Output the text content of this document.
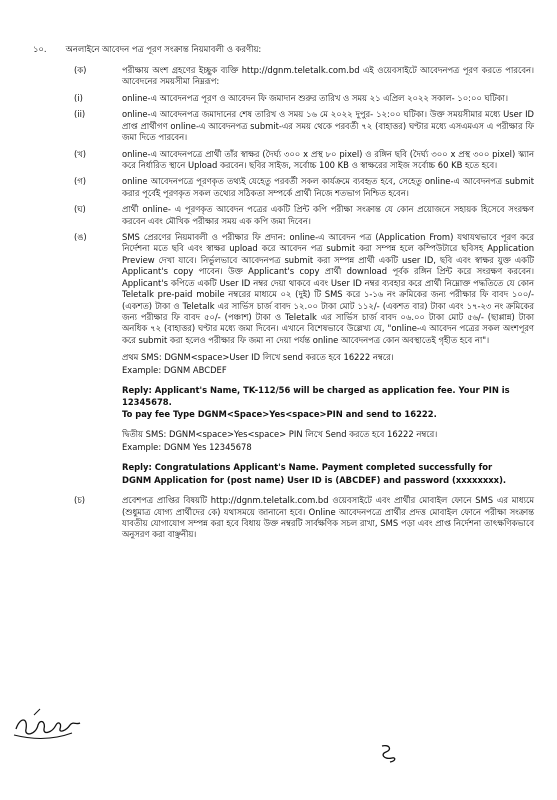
১০. অনলাইনে আবেদন পত্র পূরণ সংক্রান্ত নিয়মাবলী ও করণীয়:
(ক)	পরীক্ষায় অংশ গ্রহণের ইচ্ছুক ব্যক্তি http://dgnm.teletalk.com.bd এই ওয়েবসাইটে আবেদনপত্র পূরণ করতে পারবেন। আবেদনের সময়সীমা নিম্নরূপ:
(i)	online-এ আবেদনপত্র পূরণ ও আবেদন ফি জমাদান শুরুর তারিখ ও সময় ২১ এপ্রিল ২০২২ সকাল- ১০:০০ ঘটিকা।
(ii)	online-এ আবেদনপত্র জমাদানের শেষ তারিখ ও সময় ১৬ মে ২০২২ দুপুর- ১২:০০ ঘটিকা। উক্ত সময়সীমার মধ্যে User ID প্রাপ্ত প্রার্থীগণ online-এ আবেদনপত্র submit-এর সময় থেকে পরবর্তী ৭২ (বাহাত্তর) ঘণ্টার মধ্যে এসএমএস এ পরীক্ষার ফি জমা দিতে পারবেন।
(খ)	online-এ আবেদনপত্রে প্রার্থী তাঁর স্বাক্ষর (দৈর্ঘ্য ৩০০ x প্রস্থ ৮০ pixel) ও রঙ্গিন ছবি (দৈর্ঘ্য ৩০০ x প্রস্থ ৩০০ pixel) স্ক্যান করে নির্ধারিত স্থানে Upload করবেন। ছবির সাইজ, সর্বোচ্চ 100 KB ও স্বাক্ষরের সাইজ সর্বোচ্চ 60 KB হতে হবে।
(গ)	online আবেদনপত্রে পূরণকৃত তথ্যই যেহেতু পরবর্তী সকল কার্যক্রমে ব্যবহৃত হবে, সেহেতু online-এ আবেদনপত্র submit করার পূর্বেই পূরণকৃত সকল তথ্যের সঠিকতা সম্পর্কে প্রার্থী নিজে শতভাগ নিশ্চিত হবেন।
(ঘ)	প্রার্থী online- এ পূরণকৃত আবেদন পত্রের একটি প্রিন্ট কপি পরীক্ষা সংক্রান্ত যে কোন প্রয়োজনে সহায়ক হিসেবে সংরক্ষণ করবেন এবং মৌখিক পরীক্ষার সময় এক কপি জমা দিবেন।
(ঙ)	SMS প্রেরণের নিয়মাবলী ও পরীক্ষার ফি প্রদান: online-এ আবেদন পত্র (Application From) যথাযথভাবে পূরণ করে নির্দেশনা মতে ছবি এবং স্বাক্ষর upload করে আবেদন পত্র submit করা সম্পন্ন হলে কম্পিউটারে ছবিসহ Application Preview দেখা যাবে। নির্ভুলভাবে আবেদনপত্র submit করা সম্পন্ন প্রার্থী একটি user ID, ছবি এবং স্বাক্ষর যুক্ত একটি Applicant's copy পাবেন। উক্ত Applicant's copy প্রার্থী download পূর্বক রঙ্গিন প্রিন্ট করে সংরক্ষণ করবেন। Applicant's কপিতে একটি User ID নম্বর দেয়া থাকবে এবং User ID নম্বর ব্যবহার করে প্রার্থী নিম্নোক্ত পদ্ধতিতে যে কোন Teletalk pre-paid mobile নম্বরের মাধ্যমে ০২ (দুই) টি SMS করে ১-১৬ নং ক্রমিকের জন্য পরীক্ষার ফি বাবদ ১০০/- (একশত) টাকা ও Teletalk এর সার্ভিস চার্জ বাবদ ১২.০০ টাকা মোট ১১২/- (একশত বার) টাকা এবং ১৭-২৩ নং ক্রমিকের জন্য পরীক্ষার ফি বাবদ ৫০/- (পঞ্চাশ) টাকা ও Teletalk এর সার্ভিস চার্জ বাবদ ০৬.০০ টাকা মোট ৫৬/- (ছাপ্পান্ন) টাকা অনধিক ৭২ (বাহাত্তর) ঘণ্টার মধ্যে জমা দিবেন। এখানে বিশেষভাবে উল্লেখ্য যে, "online-এ আবেদন পত্রের সকল অংশপূরণ করে submit করা হলেও পরীক্ষার ফি জমা না দেয়া পর্যন্ত online আবেদনপত্র কোন অবস্থাতেই গৃহীত হবে না"।

প্রথম SMS: DGNM<space>User ID লিখে send করতে হবে 16222 নম্বরে।

Example: DGNM ABCDEF

Reply: Applicant's Name, TK-112/56 will be charged as application fee. Your PIN is 12345678.

To pay fee Type DGNM<Space>Yes<space>PIN and send to 16222.

দ্বিতীয় SMS: DGNM<space>Yes<space> PIN লিখে Send করতে হবে 16222 নম্বরে।

Example: DGNM Yes 12345678

Reply: Congratulations Applicant's Name. Payment completed successfully for

DGNM Application for (post name) User ID is (ABCDEF) and password (xxxxxxxx).

(চ)	প্রবেশপত্র প্রাপ্তির বিষয়টি http://dgnm.teletalk.com.bd ওয়েবসাইটে এবং প্রার্থীর মোবাইল ফোনে SMS এর মাধ্যমে (শুধুমাত্র যোগ্য প্রার্থীদের কে) যথাসময়ে জানানো হবে। Online আবেদনপত্রে প্রার্থীর প্রদত্ত মোবাইল ফোনে পরীক্ষা সংক্রান্ত যাবতীয় যোগাযোগ সম্পন্ন করা হবে বিধায় উক্ত নম্বরটি সার্বক্ষণিক সচল রাখা, SMS পড়া এবং প্রাপ্ত নির্দেশনা তাৎক্ষণিকভাবে অনুসরণ করা বাঞ্ছনীয়।
